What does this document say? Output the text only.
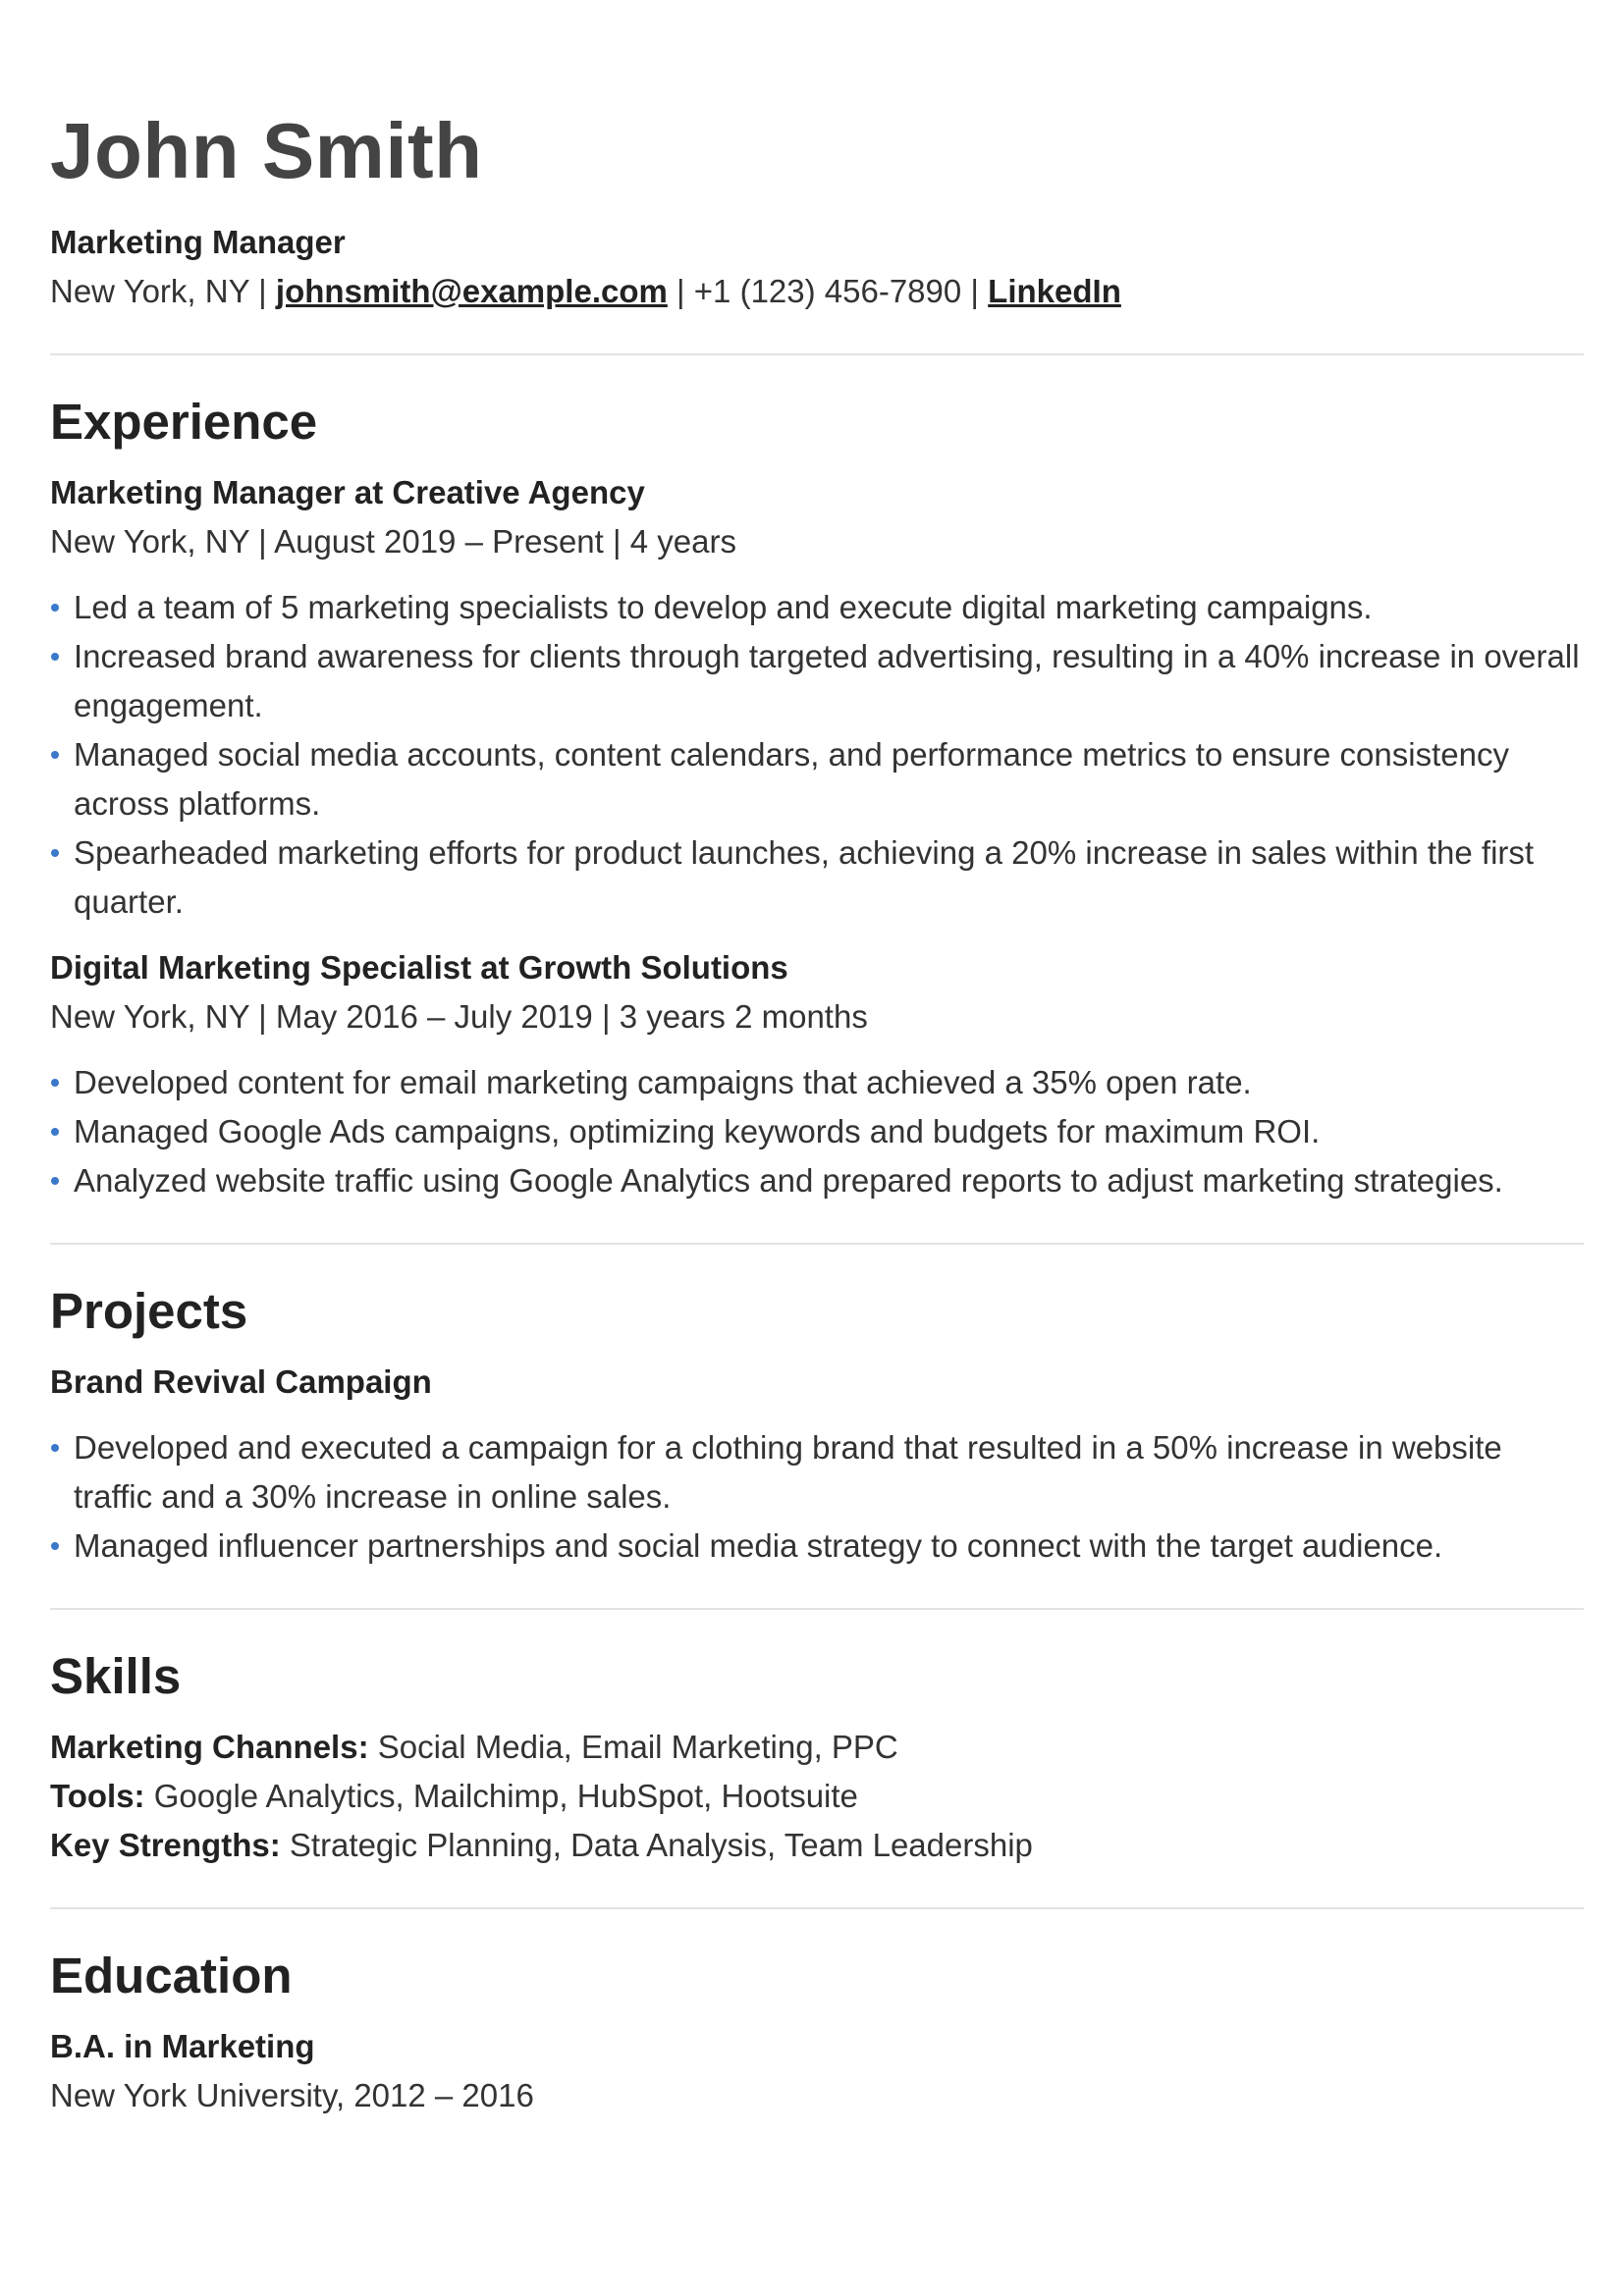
John Smith
Marketing Manager
New York, NY | johnsmith@example.com | +1 (123) 456-7890 | LinkedIn
Experience
Marketing Manager at Creative Agency
New York, NY | August 2019 – Present | 4 years
Led a team of 5 marketing specialists to develop and execute digital marketing campaigns.
Increased brand awareness for clients through targeted advertising, resulting in a 40% increase in overall engagement.
Managed social media accounts, content calendars, and performance metrics to ensure consistency across platforms.
Spearheaded marketing efforts for product launches, achieving a 20% increase in sales within the first quarter.
Digital Marketing Specialist at Growth Solutions
New York, NY | May 2016 – July 2019 | 3 years 2 months
Developed content for email marketing campaigns that achieved a 35% open rate.
Managed Google Ads campaigns, optimizing keywords and budgets for maximum ROI.
Analyzed website traffic using Google Analytics and prepared reports to adjust marketing strategies.
Projects
Brand Revival Campaign
Developed and executed a campaign for a clothing brand that resulted in a 50% increase in website traffic and a 30% increase in online sales.
Managed influencer partnerships and social media strategy to connect with the target audience.
Skills
Marketing Channels: Social Media, Email Marketing, PPC
Tools: Google Analytics, Mailchimp, HubSpot, Hootsuite
Key Strengths: Strategic Planning, Data Analysis, Team Leadership
Education
B.A. in Marketing
New York University, 2012 – 2016
